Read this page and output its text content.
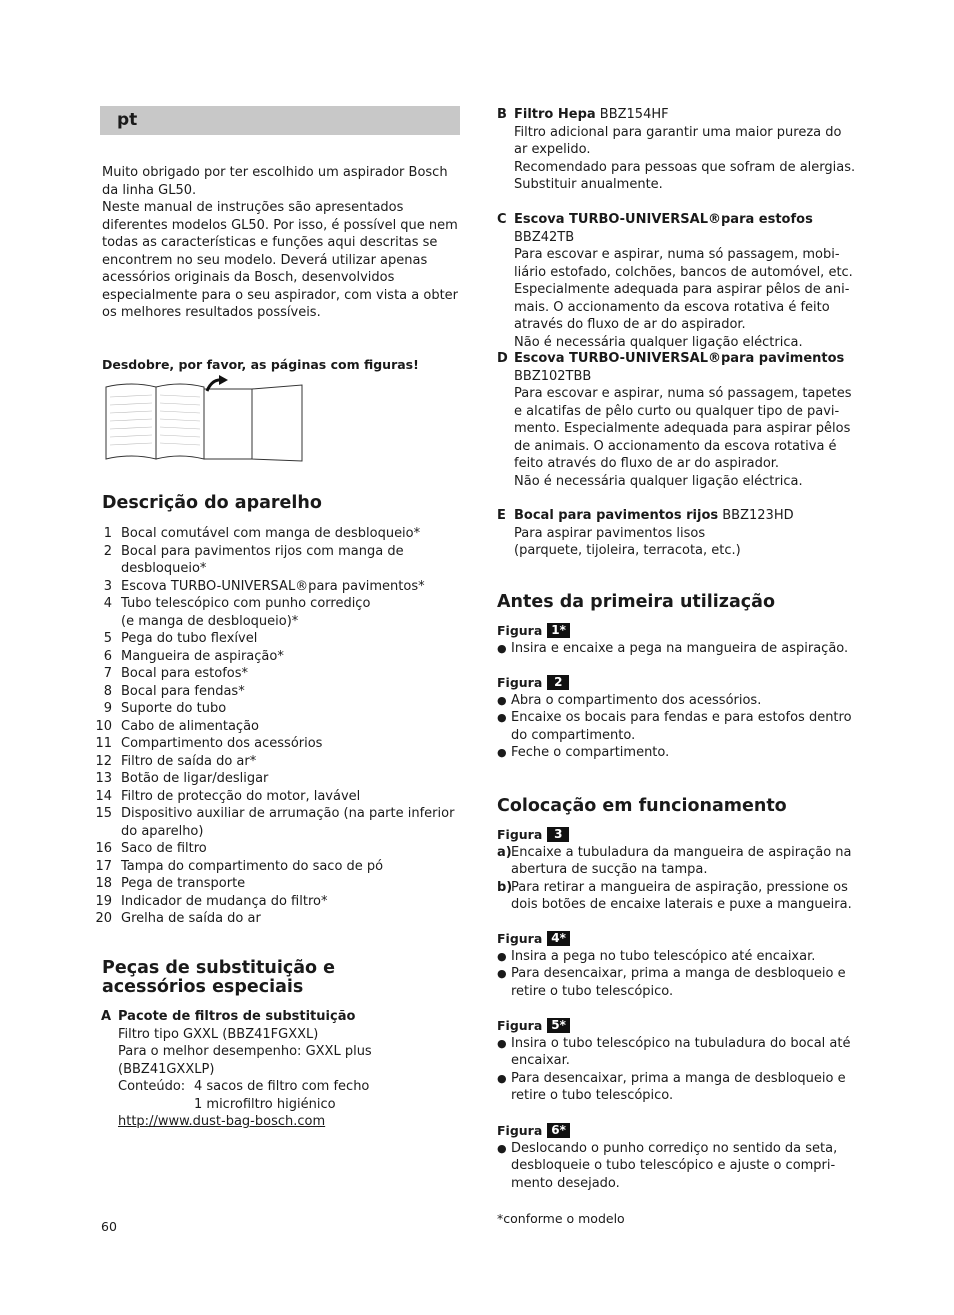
pt

Muito obrigado por ter escolhido um aspirador Bosch
da linha GL50.
Neste manual de instruções são apresentados
diferentes modelos GL50. Por isso, é possível que nem
todas as características e funções aqui descritas se
encontrem no seu modelo. Deverá utilizar apenas
acessórios originais da Bosch, desenvolvidos
especialmente para o seu aspirador, com vista a obter
os melhores resultados possíveis.

Desdobre, por favor, as páginas com figuras!
Descrição do aparelho
1 Bocal comutável com manga de desbloqueio*
2 Bocal para pavimentos rijos com manga de desbloqueio*
3 Escova TURBO-UNIVERSAL®para pavimentos*
4 Tubo telescópico com punho corrediço
(e manga de desbloqueio)*
5 Pega do tubo flexível
6 Mangueira de aspiração*
7 Bocal para estofos*
8 Bocal para fendas*
9 Suporte do tubo
10 Cabo de alimentação
11 Compartimento dos acessórios
12 Filtro de saída do ar*
13 Botão de ligar/desligar
14 Filtro de protecção do motor, lavável
15 Dispositivo auxiliar de arrumação (na parte inferior do aparelho)
16 Saco de filtro
17 Tampa do compartimento do saco de pó
18 Pega de transporte
19 Indicador de mudança do filtro*
20 Grelha de saída do ar
Peças de substituição e acessórios especiais
A Pacote de filtros de substituição
Filtro tipo GXXL (BBZ41FGXXL)
Para o melhor desempenho: GXXL plus
(BBZ41GXXLP)
Conteúdo: 4 sacos de filtro com fecho
1 microfiltro higiénico
http://www.dust-bag-bosch.com
B Filtro Hepa BBZ154HF
Filtro adicional para garantir uma maior pureza do
ar expelido.
Recomendado para pessoas que sofram de alergias.
Substituir anualmente.
C Escova TURBO-UNIVERSAL®para estofos BBZ42TB
Para escovar e aspirar, numa só passagem, mobi-
liário estofado, colchões, bancos de automóvel, etc.
Especialmente adequada para aspirar pêlos de ani-
mais. O accionamento da escova rotativa é feito
através do fluxo de ar do aspirador.
Não é necessária qualquer ligação eléctrica.
D Escova TURBO-UNIVERSAL®para pavimentos
BBZ102TBB
Para escovar e aspirar, numa só passagem, tapetes
e alcatifas de pêlo curto ou qualquer tipo de pavi-
mento. Especialmente adequada para aspirar pêlos
de animais. O accionamento da escova rotativa é
feito através do fluxo de ar do aspirador.
Não é necessária qualquer ligação eléctrica.
E Bocal para pavimentos rijos BBZ123HD
Para aspirar pavimentos lisos
(parquete, tijoleira, terracota, etc.)
Antes da primeira utilização
Figura 1*
● Insira e encaixe a pega na mangueira de aspiração.
Figura 2
● Abra o compartimento dos acessórios.
● Encaixe os bocais para fendas e para estofos dentro do compartimento.
● Feche o compartimento.
Colocação em funcionamento
Figura 3
a) Encaixe a tubuladura da mangueira de aspiração na abertura de sucção na tampa.
b)
Para retirar a mangueira de aspiração, pressione os dois botões de encaixe laterais e puxe a mangueira.
Figura 4*
● Insira a pega no tubo telescópico até encaixar.
● Para desencaixar, prima a manga de desbloqueio e retire o tubo telescópico.
Figura 5*
● Insira o tubo telescópico na tubuladura do bocal até encaixar.
● Para desencaixar, prima a manga de desbloqueio e retire o tubo telescópico.
Figura 6*
● Deslocando o punho corrediço no sentido da seta, desbloqueie o tubo telescópico e ajuste o compri-
mento desejado.
*conforme o modelo
60
